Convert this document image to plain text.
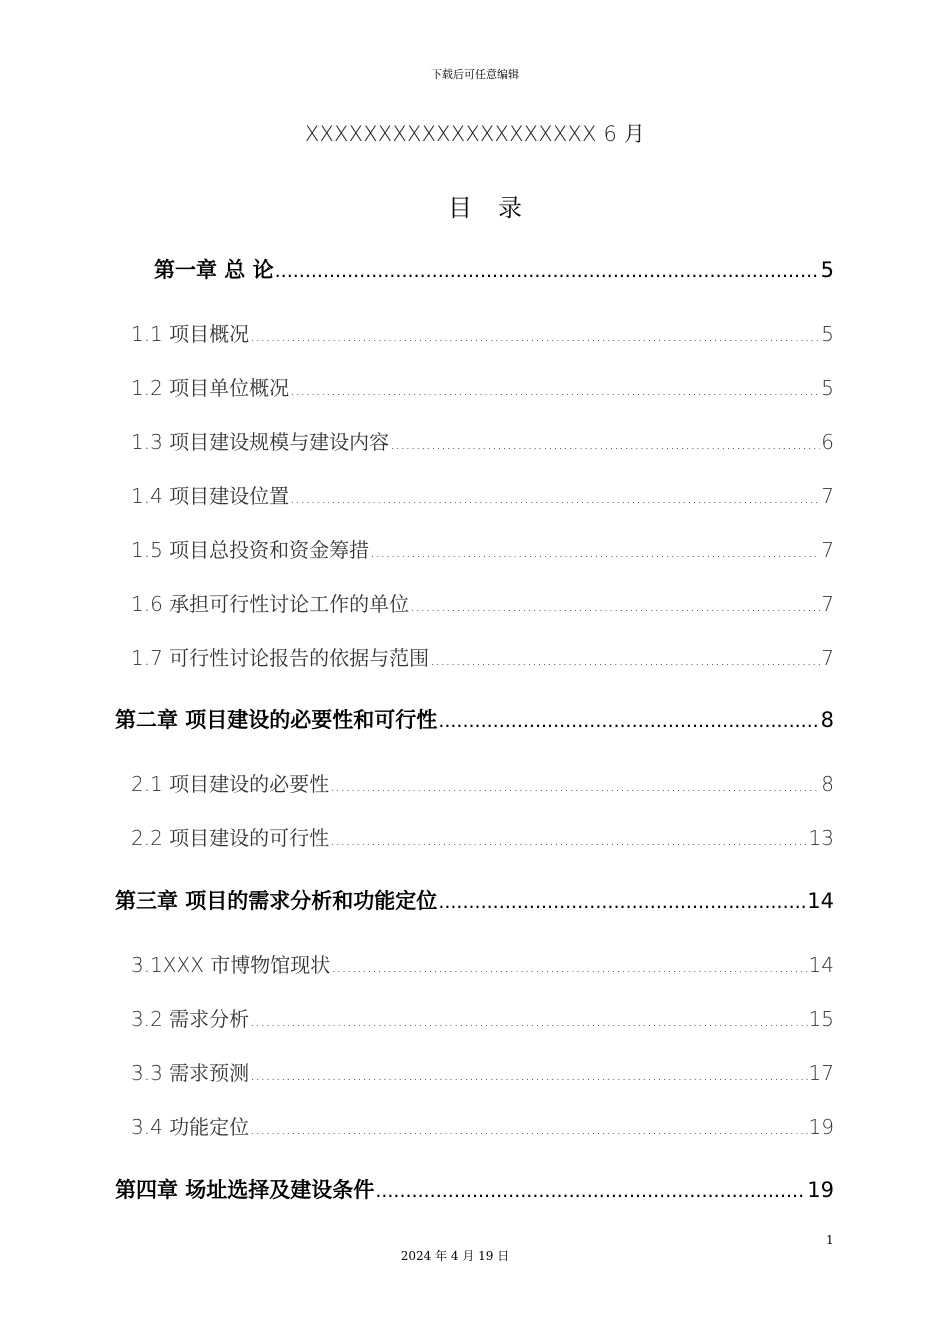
下载后可任意编辑
XXXXXXXXXXXXXXXXXXXX 6 月
目录
第一章 总 论 .....	5
1.1 项目概况 .....	5
1.2 项目单位概况 .....	5
1.3 项目建设规模与建设内容 .....	6
1.4 项目建设位置 .....	7
1.5 项目总投资和资金筹措 .....	7
1.6 承担可行性讨论工作的单位 .....	7
1.7 可行性讨论报告的依据与范围 .....	7
第二章 项目建设的必要性和可行性 .....	8
2.1 项目建设的必要性 .....	8
2.2 项目建设的可行性 .....	13
第三章 项目的需求分析和功能定位 .....	14
3.1XXX 市博物馆现状 .....	14
3.2 需求分析 .....	15
3.3 需求预测 .....	17
3.4 功能定位 .....	19
第四章 场址选择及建设条件 .....	19
1
2024 年 4 月 19 日
